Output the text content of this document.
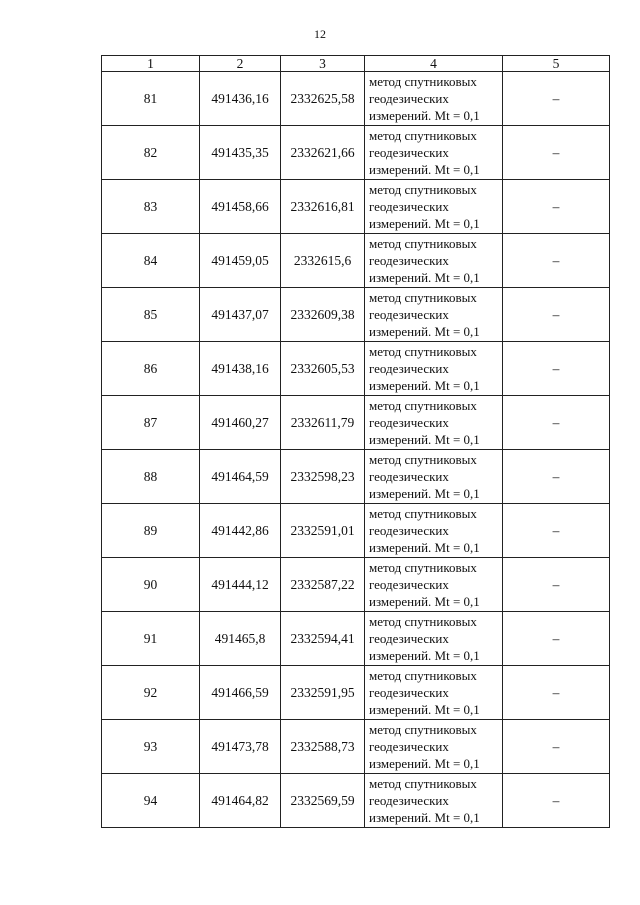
12
1	2	3	4	5
81	491436,16	2332625,58	метод спутниковых
геодезических
измерений. Mt = 0,1	–
82	491435,35	2332621,66	метод спутниковых
геодезических
измерений. Mt = 0,1	–
83	491458,66	2332616,81	метод спутниковых
геодезических
измерений. Mt = 0,1	–
84	491459,05	2332615,6	метод спутниковых
геодезических
измерений. Mt = 0,1	–
85	491437,07	2332609,38	метод спутниковых
геодезических
измерений. Mt = 0,1	–
86	491438,16	2332605,53	метод спутниковых
геодезических
измерений. Mt = 0,1	–
87	491460,27	2332611,79	метод спутниковых
геодезических
измерений. Mt = 0,1	–
88	491464,59	2332598,23	метод спутниковых
геодезических
измерений. Mt = 0,1	–
89	491442,86	2332591,01	метод спутниковых
геодезических
измерений. Mt = 0,1	–
90	491444,12	2332587,22	метод спутниковых
геодезических
измерений. Mt = 0,1	–
91	491465,8	2332594,41	метод спутниковых
геодезических
измерений. Mt = 0,1	–
92	491466,59	2332591,95	метод спутниковых
геодезических
измерений. Mt = 0,1	–
93	491473,78	2332588,73	метод спутниковых
геодезических
измерений. Mt = 0,1	–
94	491464,82	2332569,59	метод спутниковых
геодезических
измерений. Mt = 0,1	–
